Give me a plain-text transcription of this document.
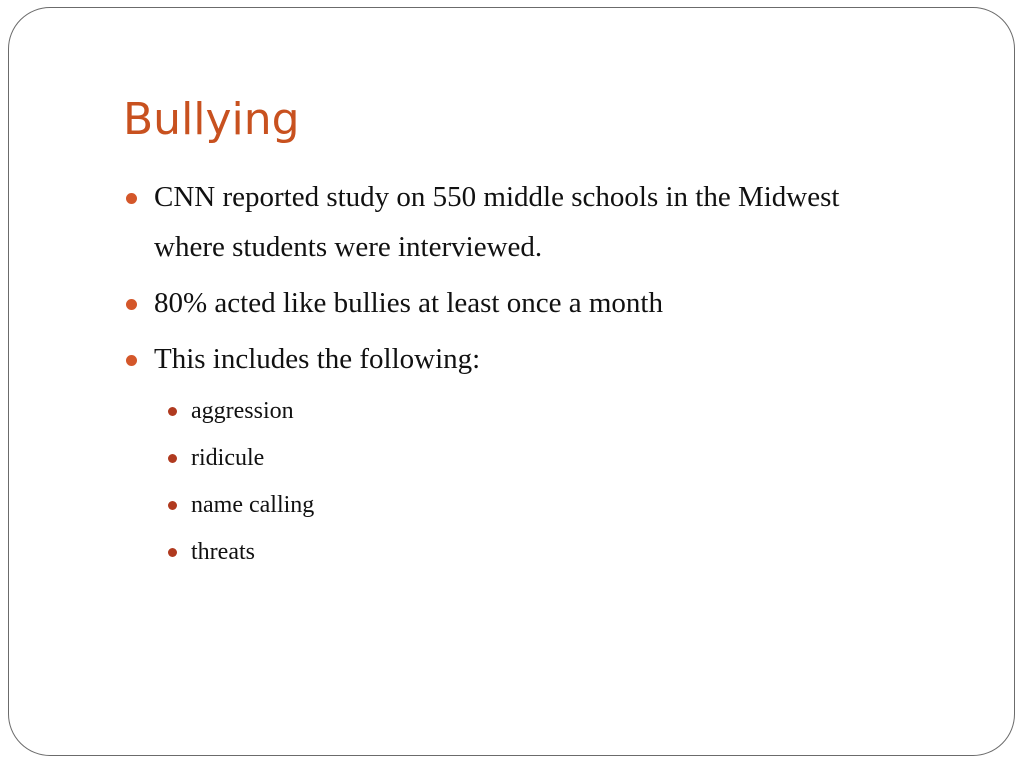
Bullying
CNN reported study on 550 middle schools in the Midwest where students were interviewed.
80% acted like bullies at least once a month
This includes the following:
aggression
ridicule
name calling
threats
